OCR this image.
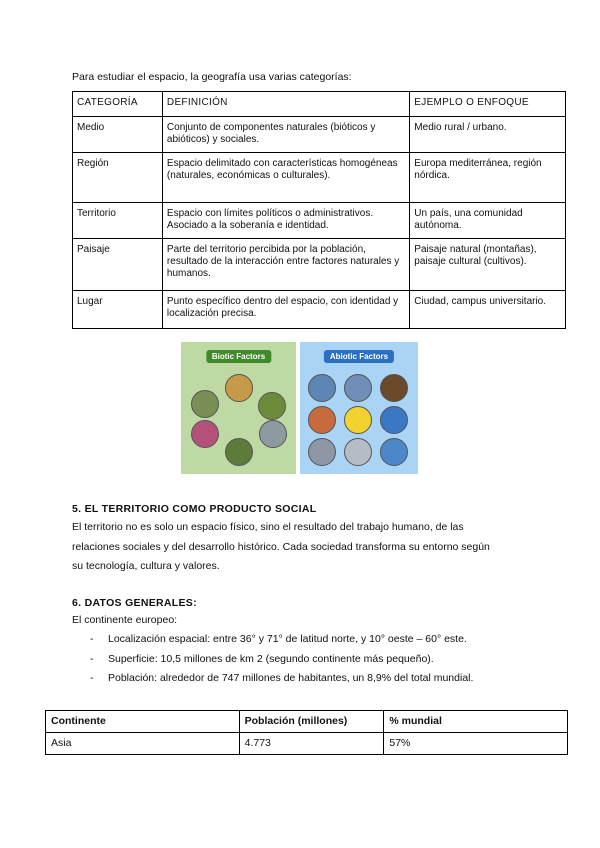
Para estudiar el espacio, la geografía usa varias categorías:
CATEGORÍA	DEFINICIÓN	EJEMPLO O ENFOQUE
Medio	Conjunto de componentes naturales (bióticos y abióticos) y sociales.	Medio rural / urbano.
Región	Espacio delimitado con características homogéneas (naturales, económicas o culturales).	Europa mediterránea, región nórdica.
Territorio	Espacio con límites políticos o administrativos. Asociado a la soberanía e identidad.	Un país, una comunidad autónoma.
Paisaje	Parte del territorio percibida por la población, resultado de la interacción entre factores naturales y humanos.	Paisaje natural (montañas), paisaje cultural (cultivos).
Lugar	Punto específico dentro del espacio, con identidad y localización precisa.	Ciudad, campus universitario.
Biotic Factors	Abiotic Factors
5. EL TERRITORIO COMO PRODUCTO SOCIAL
El territorio no es solo un espacio físico, sino el resultado del trabajo humano, de las
relaciones sociales y del desarrollo histórico. Cada sociedad transforma su entorno según
su tecnología, cultura y valores.
6. DATOS GENERALES:
El continente europeo:
- Localización espacial: entre 36° y 71° de latitud norte, y 10° oeste – 60° este.
- Superficie: 10,5 millones de km 2 (segundo continente más pequeño).
- Población: alrededor de 747 millones de habitantes, un 8,9% del total mundial.
Continente	Población (millones)	% mundial
Asia	4.773	57%
